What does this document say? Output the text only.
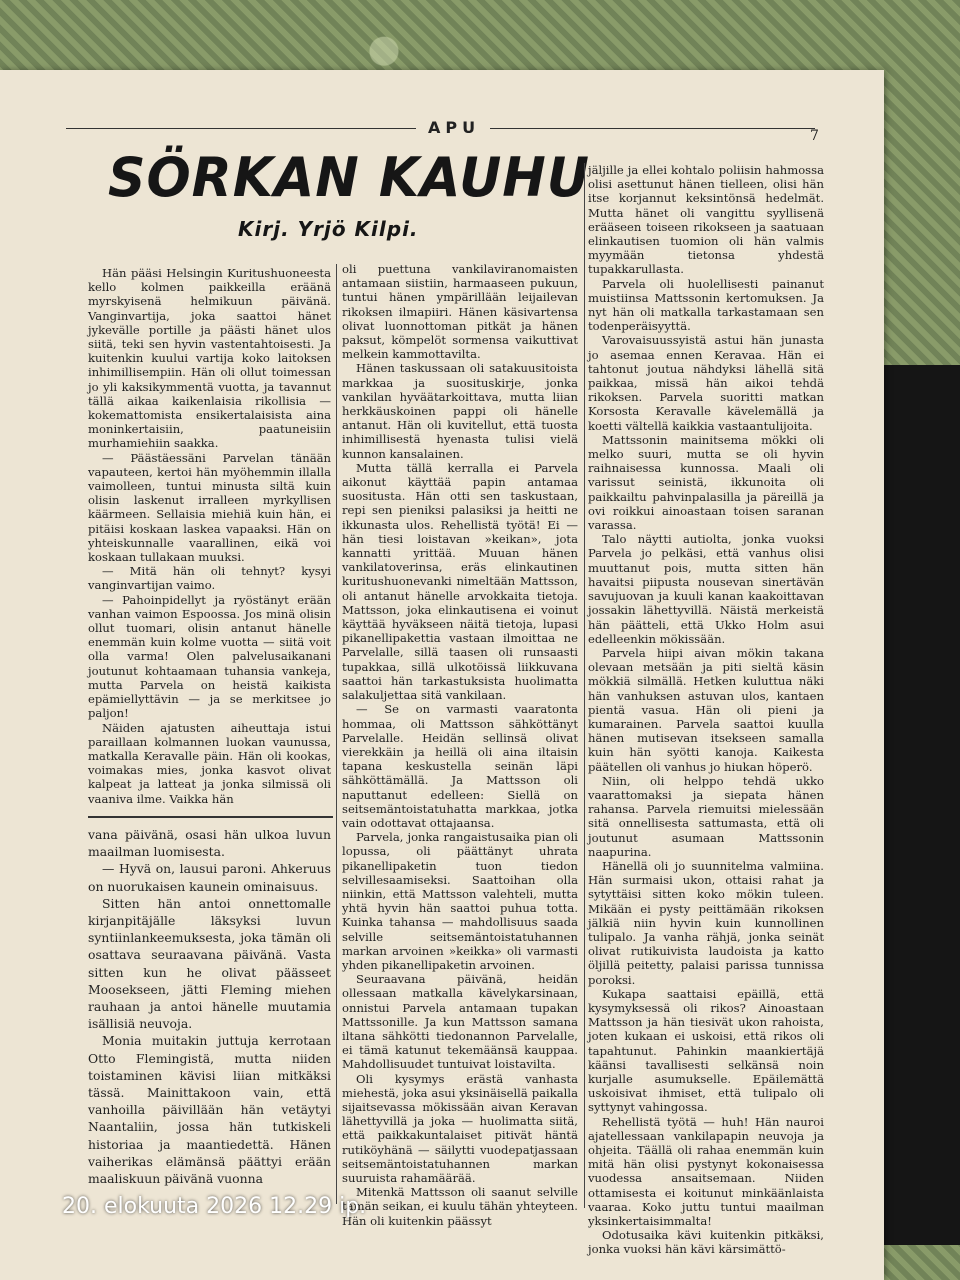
APU	7
SÖRKAN KAUHU
Kirj. Yrjö Kilpi.

Hän pääsi Helsingin Kuritushuoneesta kello kolmen paikkeilla eräänä myrskyisenä helmikuun päivänä. Vanginvartija, joka saattoi hänet jykevälle portille ja päästi hänet ulos siitä, teki sen hyvin vastentahtoisesti. Ja kuitenkin kuului vartija koko laitoksen inhimillisempiin. Hän oli ollut toimessan jo yli kaksikymmentä vuotta, ja tavannut tällä aikaa kaikenlaisia rikollisia — kokemattomista ensikertalaisista aina moninkertaisiin, paatuneisiin murhamiehiin saakka.

— Päästäessäni Parvelan tänään vapauteen, kertoi hän myöhemmin illalla vaimolleen, tuntui minusta siltä kuin olisin laskenut irralleen myrkyllisen käärmeen. Sellaisia miehiä kuin hän, ei pitäisi koskaan laskea vapaaksi. Hän on yhteiskunnalle vaarallinen, eikä voi koskaan tullakaan muuksi.

— Mitä hän oli tehnyt? kysyi vanginvartijan vaimo.

— Pahoinpidellyt ja ryöstänyt erään vanhan vaimon Espoossa. Jos minä olisin ollut tuomari, olisin antanut hänelle enemmän kuin kolme vuotta — siitä voit olla varma! Olen palvelusaikanani joutunut kohtaamaan tuhansia vankeja, mutta Parvela on heistä kaikista epämiellyttävin — ja se merkitsee jo paljon!

Näiden ajatusten aiheuttaja istui paraillaan kolmannen luokan vaunussa, matkalla Keravalle päin. Hän oli kookas, voimakas mies, jonka kasvot olivat kalpeat ja latteat ja jonka silmissä oli vaaniva ilme. Vaikka hän

vana päivänä, osasi hän ulkoa luvun maailman luomisesta.

— Hyvä on, lausui paroni. Ahkeruus on nuorukaisen kaunein ominaisuus.

Sitten hän antoi onnettomalle kirjanpitäjälle läksyksi luvun syntiinlankeemuksesta, joka tämän oli osattava seuraavana päivänä. Vasta sitten kun he olivat päässeet Moosekseen, jätti Fleming miehen rauhaan ja antoi hänelle muutamia isällisiä neuvoja.

Monia muitakin juttuja kerrotaan Otto Flemingistä, mutta niiden toistaminen kävisi liian mitkäksi tässä. Mainittakoon vain, että vanhoilla päivillään hän vetäytyi Naantaliin, jossa hän tutkiskeli historiaa ja maantiedettä. Hänen vaiherikas elämänsä päättyi erään maaliskuun päivänä vuonna

oli puettuna vankilaviranomaisten antamaan siistiin, harmaaseen pukuun, tuntui hänen ympärillään leijailevan rikoksen ilmapiiri. Hänen käsivartensa olivat luonnottoman pitkät ja hänen paksut, kömpelöt sormensa vaikuttivat melkein kammottavilta.

Hänen taskussaan oli satakuusitoista markkaa ja suosituskirje, jonka vankilan hyväätarkoittava, mutta liian herkkäuskoinen pappi oli hänelle antanut. Hän oli kuvitellut, että tuosta inhimillisestä hyenasta tulisi vielä kunnon kansalainen.

Mutta tällä kerralla ei Parvela aikonut käyttää papin antamaa suositusta. Hän otti sen taskustaan, repi sen pieniksi palasiksi ja heitti ne ikkunasta ulos. Rehellistä työtä! Ei — hän tiesi loistavan »keikan», jota kannatti yrittää. Muuan hänen vankilatoverinsa, eräs elinkautinen kuritushuonevanki nimeltään Mattsson, oli antanut hänelle arvokkaita tietoja. Mattsson, joka elinkautisena ei voinut käyttää hyväkseen näitä tietoja, lupasi pikanellipakettia vastaan ilmoittaa ne Parvelalle, sillä taasen oli runsaasti tupakkaa, sillä ulkotöissä liikkuvana saattoi hän tarkastuksista huolimatta salakuljettaa sitä vankilaan.

— Se on varmasti vaaratonta hommaa, oli Mattsson sähköttänyt Parvelalle. Heidän sellinsä olivat vierekkäin ja heillä oli aina iltaisin tapana keskustella seinän läpi sähköttämällä. Ja Mattsson oli naputtanut edelleen: Siellä on seitsemäntoistatuhatta markkaa, jotka vain odottavat ottajaansa.

Parvela, jonka rangaistusaika pian oli lopussa, oli päättänyt uhrata pikanellipaketin tuon tiedon selvillesaamiseksi. Saattoihan olla niinkin, että Mattsson valehteli, mutta yhtä hyvin hän saattoi puhua totta. Kuinka tahansa — mahdollisuus saada selville seitsemäntoistatuhannen markan arvoinen »keikka» oli varmasti yhden pikanellipaketin arvoinen.

Seuraavana päivänä, heidän ollessaan matkalla kävelykarsinaan, onnistui Parvela antamaan tupakan Mattssonille. Ja kun Mattsson samana iltana sähkötti tiedonannon Parvelalle, ei tämä katunut tekemäänsä kauppaa. Mahdollisuudet tuntuivat loistavilta.

Oli kysymys erästä vanhasta miehestä, joka asui yksinäisellä paikalla sijaitsevassa mökissään aivan Keravan lähettyvillä ja joka — huolimatta siitä, että paikkakuntalaiset pitivät häntä rutiköyhänä — säilytti vuodepatjassaan seitsemäntoistatuhannen markan suuruista rahamäärää.

Mitenkä Mattsson oli saanut selville tämän seikan, ei kuulu tähän yhteyteen. Hän oli kuitenkin päässyt

jäljille ja ellei kohtalo poliisin hahmossa olisi asettunut hänen tielleen, olisi hän itse korjannut keksintönsä hedelmät. Mutta hänet oli vangittu syyllisenä erääseen toiseen rikokseen ja saatuaan elinkautisen tuomion oli hän valmis myymään tietonsa yhdestä tupakkarullasta.

Parvela oli huolellisesti painanut muistiinsa Mattssonin kertomuksen. Ja nyt hän oli matkalla tarkastamaan sen todenperäisyyttä.

Varovaisuussyistä astui hän junasta jo asemaa ennen Keravaa. Hän ei tahtonut joutua nähdyksi lähellä sitä paikkaa, missä hän aikoi tehdä rikoksen. Parvela suoritti matkan Korsosta Keravalle kävelemällä ja koetti vältellä kaikkia vastaantulijoita.

Mattssonin mainitsema mökki oli melko suuri, mutta se oli hyvin raihnaisessa kunnossa. Maali oli varissut seinistä, ikkunoita oli paikkailtu pahvinpalasilla ja päreillä ja ovi roikkui ainoastaan toisen saranan varassa.

Talo näytti autiolta, jonka vuoksi Parvela jo pelkäsi, että vanhus olisi muuttanut pois, mutta sitten hän havaitsi piipusta nousevan sinertävän savujuovan ja kuuli kanan kaakoittavan jossakin lähettyvillä. Näistä merkeistä hän päätteli, että Ukko Holm asui edelleenkin mökissään.

Parvela hiipi aivan mökin takana olevaan metsään ja piti sieltä käsin mökkiä silmällä. Hetken kuluttua näki hän vanhuksen astuvan ulos, kantaen pientä vasua. Hän oli pieni ja kumarainen. Parvela saattoi kuulla hänen mutisevan itsekseen samalla kuin hän syötti kanoja. Kaikesta päätellen oli vanhus jo hiukan höperö.

Niin, oli helppo tehdä ukko vaarattomaksi ja siepata hänen rahansa. Parvela riemuitsi mielessään sitä onnellisesta sattumasta, että oli joutunut asumaan Mattssonin naapurina.

Hänellä oli jo suunnitelma valmiina. Hän surmaisi ukon, ottaisi rahat ja sytyttäisi sitten koko mökin tuleen. Mikään ei pysty peittämään rikoksen jälkiä niin hyvin kuin kunnollinen tulipalo. Ja vanha rähjä, jonka seinät olivat rutikuivista laudoista ja katto öljillä peitetty, palaisi parissa tunnissa poroksi.

Kukapa saattaisi epäillä, että kysymyksessä oli rikos? Ainoastaan Mattsson ja hän tiesivät ukon rahoista, joten kukaan ei uskoisi, että rikos oli tapahtunut. Pahinkin maankiertäjä käänsi tavallisesti selkänsä noin kurjalle asumukselle. Epäilemättä uskoisivat ihmiset, että tulipalo oli syttynyt vahingossa.

Rehellistä työtä — huh! Hän nauroi ajatellessaan vankilapapin neuvoja ja ohjeita. Täällä oli rahaa enemmän kuin mitä hän olisi pystynyt kokonaisessa vuodessa ansaitsemaan. Niiden ottamisesta ei koitunut minkäänlaista vaaraa. Koko juttu tuntui maailman yksinkertaisimmalta!

Odotusaika kävi kuitenkin pitkäksi, jonka vuoksi hän kävi kärsimättö-

20. elokuuta 2026 12.29 ip.
